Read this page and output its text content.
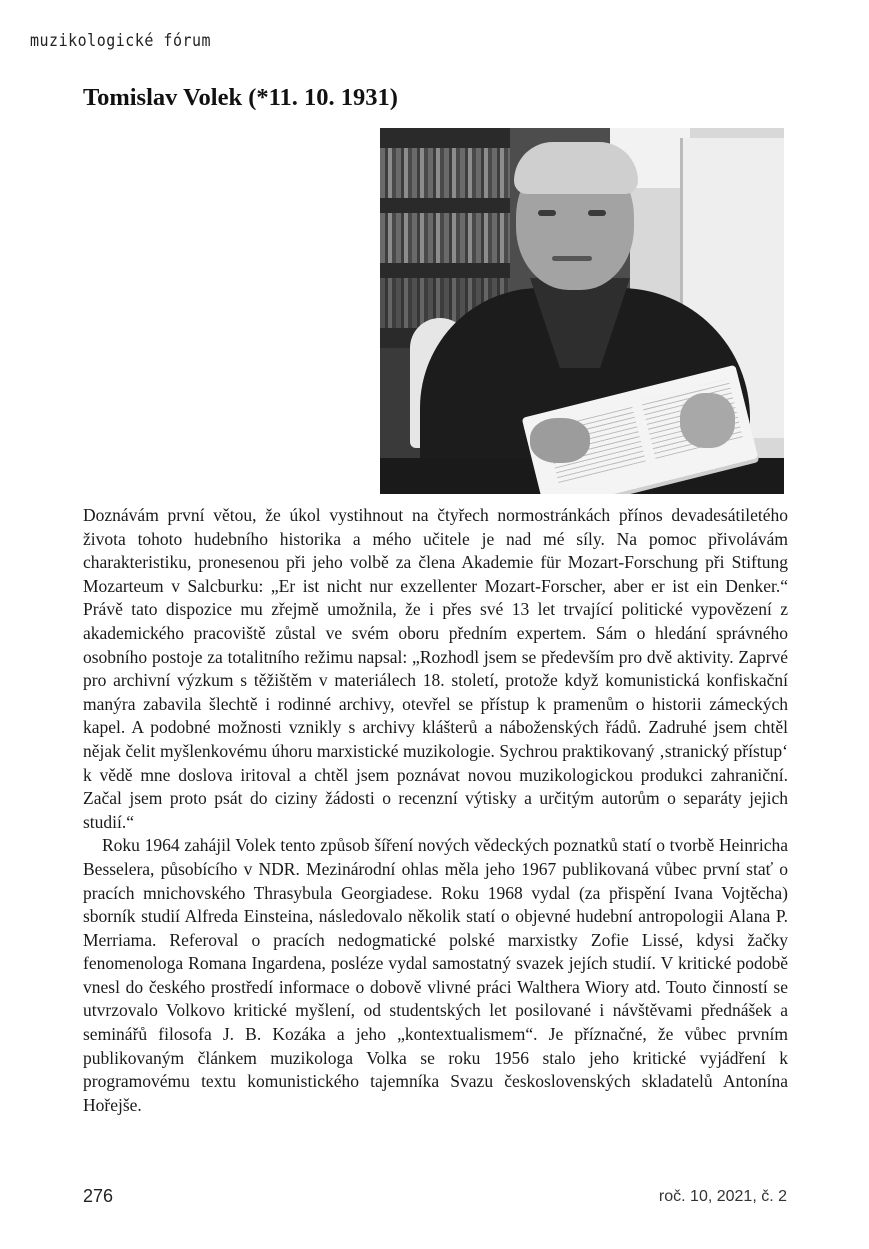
muzikologické fórum
Tomislav Volek (*11. 10. 1931)

Doznávám první větou, že úkol vystihnout na čtyřech normostránkách přínos devadesátiletého života tohoto hudebního historika a mého učitele je nad mé síly. Na pomoc přivolávám charakteristiku, pronesenou při jeho volbě za člena Akademie für Mozart-Forschung při Stiftung Mozarteum v Salcburku: „Er ist nicht nur exzellenter Mozart-Forscher, aber er ist ein Denker.“ Právě tato dispozice mu zřejmě umožnila, že i přes své 13 let trvající politické vypovězení z akademického pracoviště zůstal ve svém oboru předním expertem. Sám o hledání správného osobního postoje za totalitního režimu napsal: „Rozhodl jsem se především pro dvě aktivity. Zaprvé pro archivní výzkum s těžištěm v materiálech 18. století, protože když komunistická konfiskační manýra zabavila šlechtě i rodinné archivy, otevřel se přístup k pramenům o historii zámeckých kapel. A podobné možnosti vznikly s archivy klášterů a náboženských řádů. Zadruhé jsem chtěl nějak čelit myšlenkovému úhoru marxistické muzikologie. Sychrou praktikovaný ‚stranický přístup‘ k vědě mne doslova iritoval a chtěl jsem poznávat novou muzikologickou produkci zahraniční. Začal jsem proto psát do ciziny žádosti o recenzní výtisky a určitým autorům o separáty jejich studií.“

Roku 1964 zahájil Volek tento způsob šíření nových vědeckých poznatků statí o tvorbě Heinricha Besselera, působícího v NDR. Mezinárodní ohlas měla jeho 1967 publikovaná vůbec první stať o pracích mnichovského Thrasybula Georgiadese. Roku 1968 vydal (za přispění Ivana Vojtěcha) sborník studií Alfreda Einsteina, následovalo několik statí o objevné hudební antropologii Alana P. Merriama. Referoval o pracích nedogmatické polské marxistky Zofie Lissé, kdysi žačky fenomenologa Romana Ingardena, posléze vydal samostatný svazek jejích studií. V kritické podobě vnesl do českého prostředí informace o dobově vlivné práci Walthera Wiory atd. Touto činností se utvrzovalo Volkovo kritické myšlení, od studentských let posilované i návštěvami přednášek a seminářů filosofa J. B. Kozáka a jeho „kontextualismem“. Je příznačné, že vůbec prvním publikovaným článkem muzikologa Volka se roku 1956 stalo jeho kritické vyjádření k programovému textu komunistického tajemníka Svazu československých skladatelů Antonína Hořejše.

276	roč. 10, 2021, č. 2
